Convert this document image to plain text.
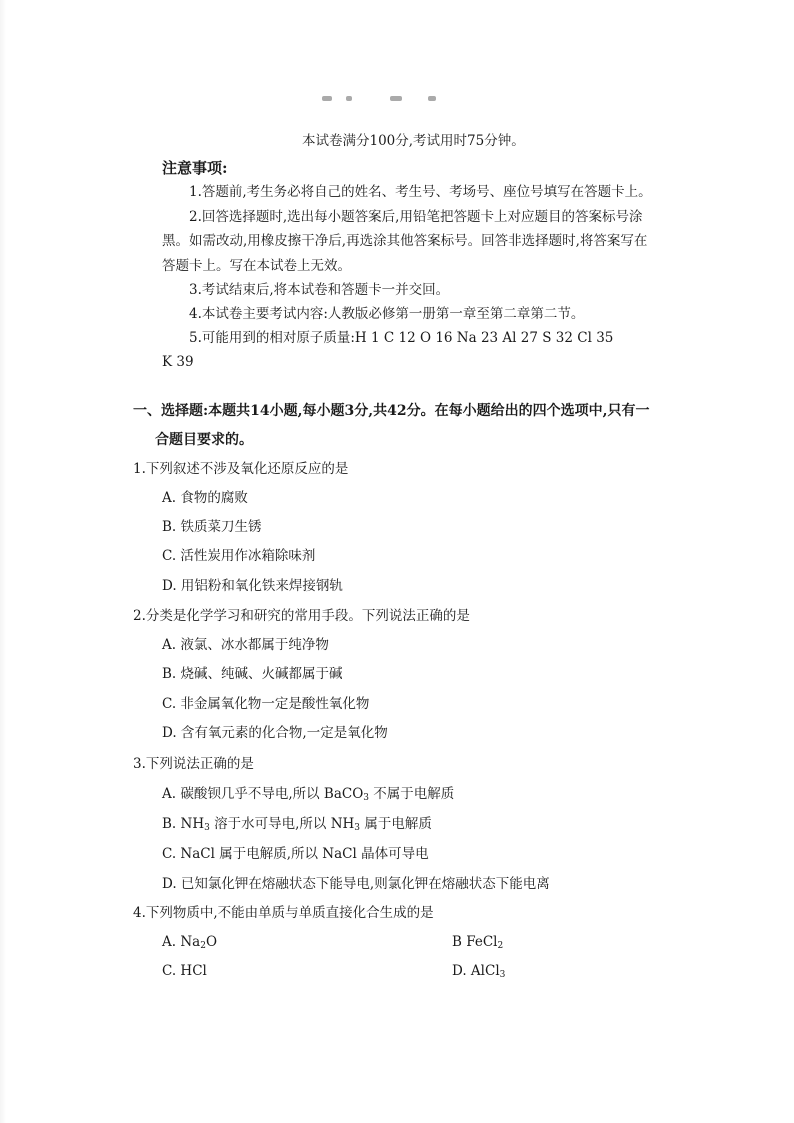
本试卷满分100分,考试用时75分钟。
注意事项:
1.答题前,考生务必将自己的姓名、考生号、考场号、座位号填写在答题卡上。
2.回答选择题时,选出每小题答案后,用铅笔把答题卡上对应题目的答案标号涂
黑。如需改动,用橡皮擦干净后,再选涂其他答案标号。回答非选择题时,将答案写在
答题卡上。写在本试卷上无效。
3.考试结束后,将本试卷和答题卡一并交回。
4.本试卷主要考试内容:人教版必修第一册第一章至第二章第二节。
5.可能用到的相对原子质量:H 1 C 12 O 16 Na 23 Al 27 S 32 Cl 35
K 39
一、选择题:本题共14小题,每小题3分,共42分。在每小题给出的四个选项中,只有一
合题目要求的。
1.下列叙述不涉及氧化还原反应的是
A. 食物的腐败
B. 铁质菜刀生锈
C. 活性炭用作冰箱除味剂
D. 用铝粉和氧化铁来焊接钢轨
2.分类是化学学习和研究的常用手段。下列说法正确的是
A. 液氯、冰水都属于纯净物
B. 烧碱、纯碱、火碱都属于碱
C. 非金属氧化物一定是酸性氧化物
D. 含有氧元素的化合物,一定是氧化物
3.下列说法正确的是
A. 碳酸钡几乎不导电,所以 BaCO$_3$ 不属于电解质
B. $NH_3$ 溶于水可导电,所以 $NH_3$ 属于电解质
C. NaCl 属于电解质,所以 NaCl 晶体可导电
D. 已知氯化钾在熔融状态下能导电,则氯化钾在熔融状态下能电离
4.下列物质中,不能由单质与单质直接化合生成的是
A. $Na_2O$	B FeCl$_2$
C. HCl	D. AlCl$_3$
